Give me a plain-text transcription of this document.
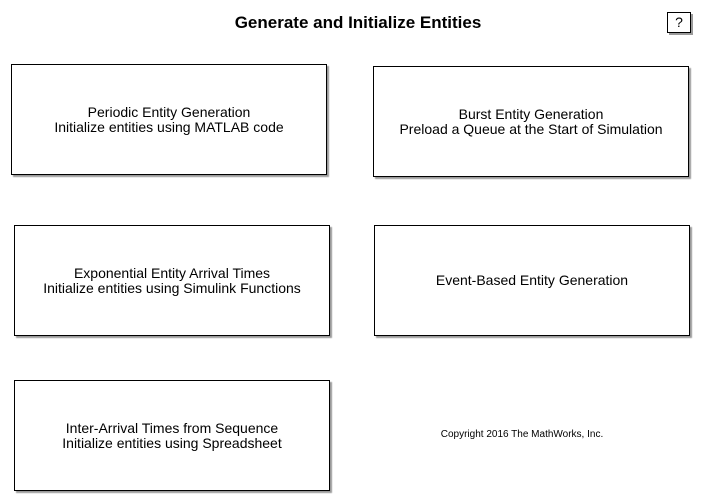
Generate and Initialize Entities	?
Periodic Entity Generation
Initialize entities using MATLAB code
Burst Entity Generation
Preload a Queue at the Start of Simulation
Exponential Entity Arrival Times
Initialize entities using Simulink Functions	Event-Based Entity Generation
Inter-Arrival Times from Sequence
Initialize entities using Spreadsheet	Copyright 2016 The MathWorks, Inc.
